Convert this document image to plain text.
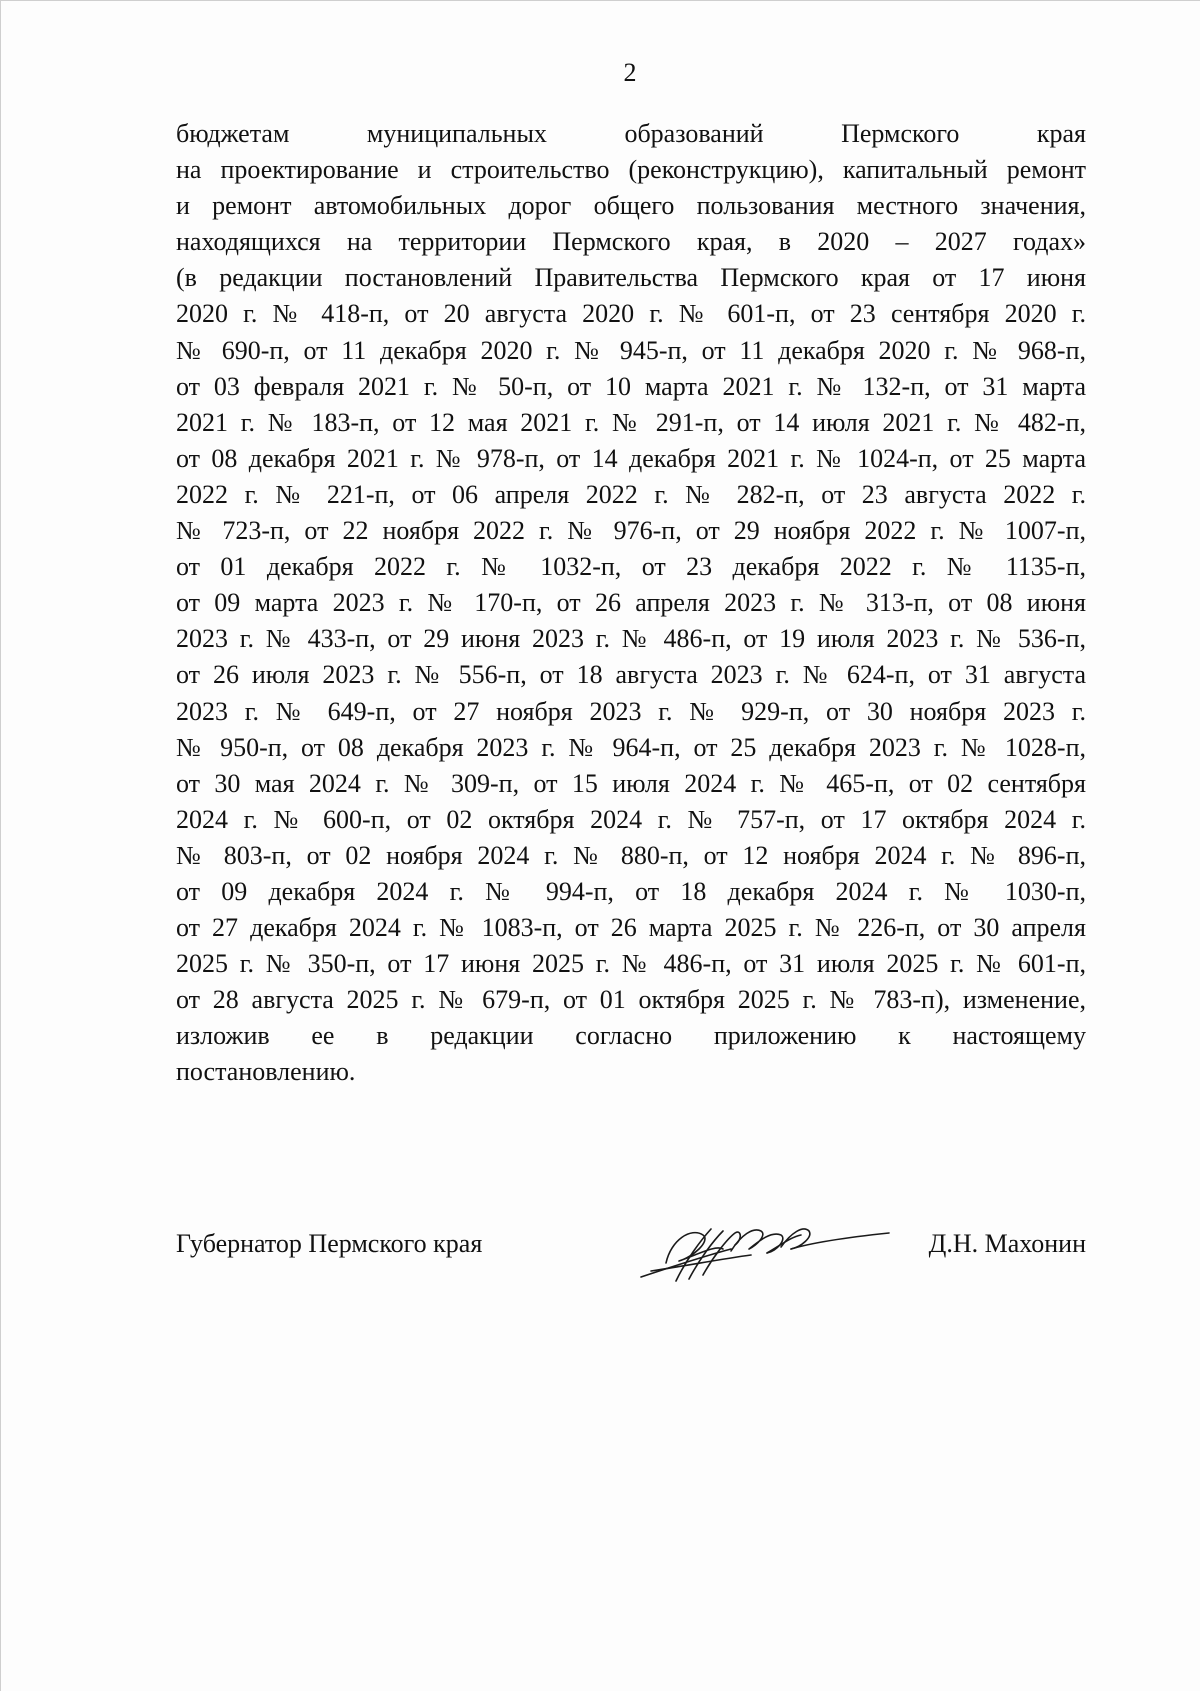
2
бюджетам муниципальных образований Пермского края
на проектирование и строительство (реконструкцию), капитальный ремонт
и ремонт автомобильных дорог общего пользования местного значения,
находящихся на территории Пермского края, в 2020 – 2027 годах»
(в редакции постановлений Правительства Пермского края от 17 июня
2020 г. № 418-п, от 20 августа 2020 г. № 601-п, от 23 сентября 2020 г.
№ 690-п, от 11 декабря 2020 г. № 945-п, от 11 декабря 2020 г. № 968-п,
от 03 февраля 2021 г. № 50-п, от 10 марта 2021 г. № 132-п, от 31 марта
2021 г. № 183-п, от 12 мая 2021 г. № 291-п, от 14 июля 2021 г. № 482-п,
от 08 декабря 2021 г. № 978-п, от 14 декабря 2021 г. № 1024-п, от 25 марта
2022 г. № 221-п, от 06 апреля 2022 г. № 282-п, от 23 августа 2022 г.
№ 723-п, от 22 ноября 2022 г. № 976-п, от 29 ноября 2022 г. № 1007-п,
от 01 декабря 2022 г. № 1032-п, от 23 декабря 2022 г. № 1135-п,
от 09 марта 2023 г. № 170-п, от 26 апреля 2023 г. № 313-п, от 08 июня
2023 г. № 433-п, от 29 июня 2023 г. № 486-п, от 19 июля 2023 г. № 536-п,
от 26 июля 2023 г. № 556-п, от 18 августа 2023 г. № 624-п, от 31 августа
2023 г. № 649-п, от 27 ноября 2023 г. № 929-п, от 30 ноября 2023 г.
№ 950-п, от 08 декабря 2023 г. № 964-п, от 25 декабря 2023 г. № 1028-п,
от 30 мая 2024 г. № 309-п, от 15 июля 2024 г. № 465-п, от 02 сентября
2024 г. № 600-п, от 02 октября 2024 г. № 757-п, от 17 октября 2024 г.
№ 803-п, от 02 ноября 2024 г. № 880-п, от 12 ноября 2024 г. № 896-п,
от 09 декабря 2024 г. № 994-п, от 18 декабря 2024 г. № 1030-п,
от 27 декабря 2024 г. № 1083-п, от 26 марта 2025 г. № 226-п, от 30 апреля
2025 г. № 350-п, от 17 июня 2025 г. № 486-п, от 31 июля 2025 г. № 601-п,
от 28 августа 2025 г. № 679-п, от 01 октября 2025 г. № 783-п), изменение,
изложив ее в редакции согласно приложению к настоящему
постановлению.
Губернатор Пермского края	Д.Н. Махонин
